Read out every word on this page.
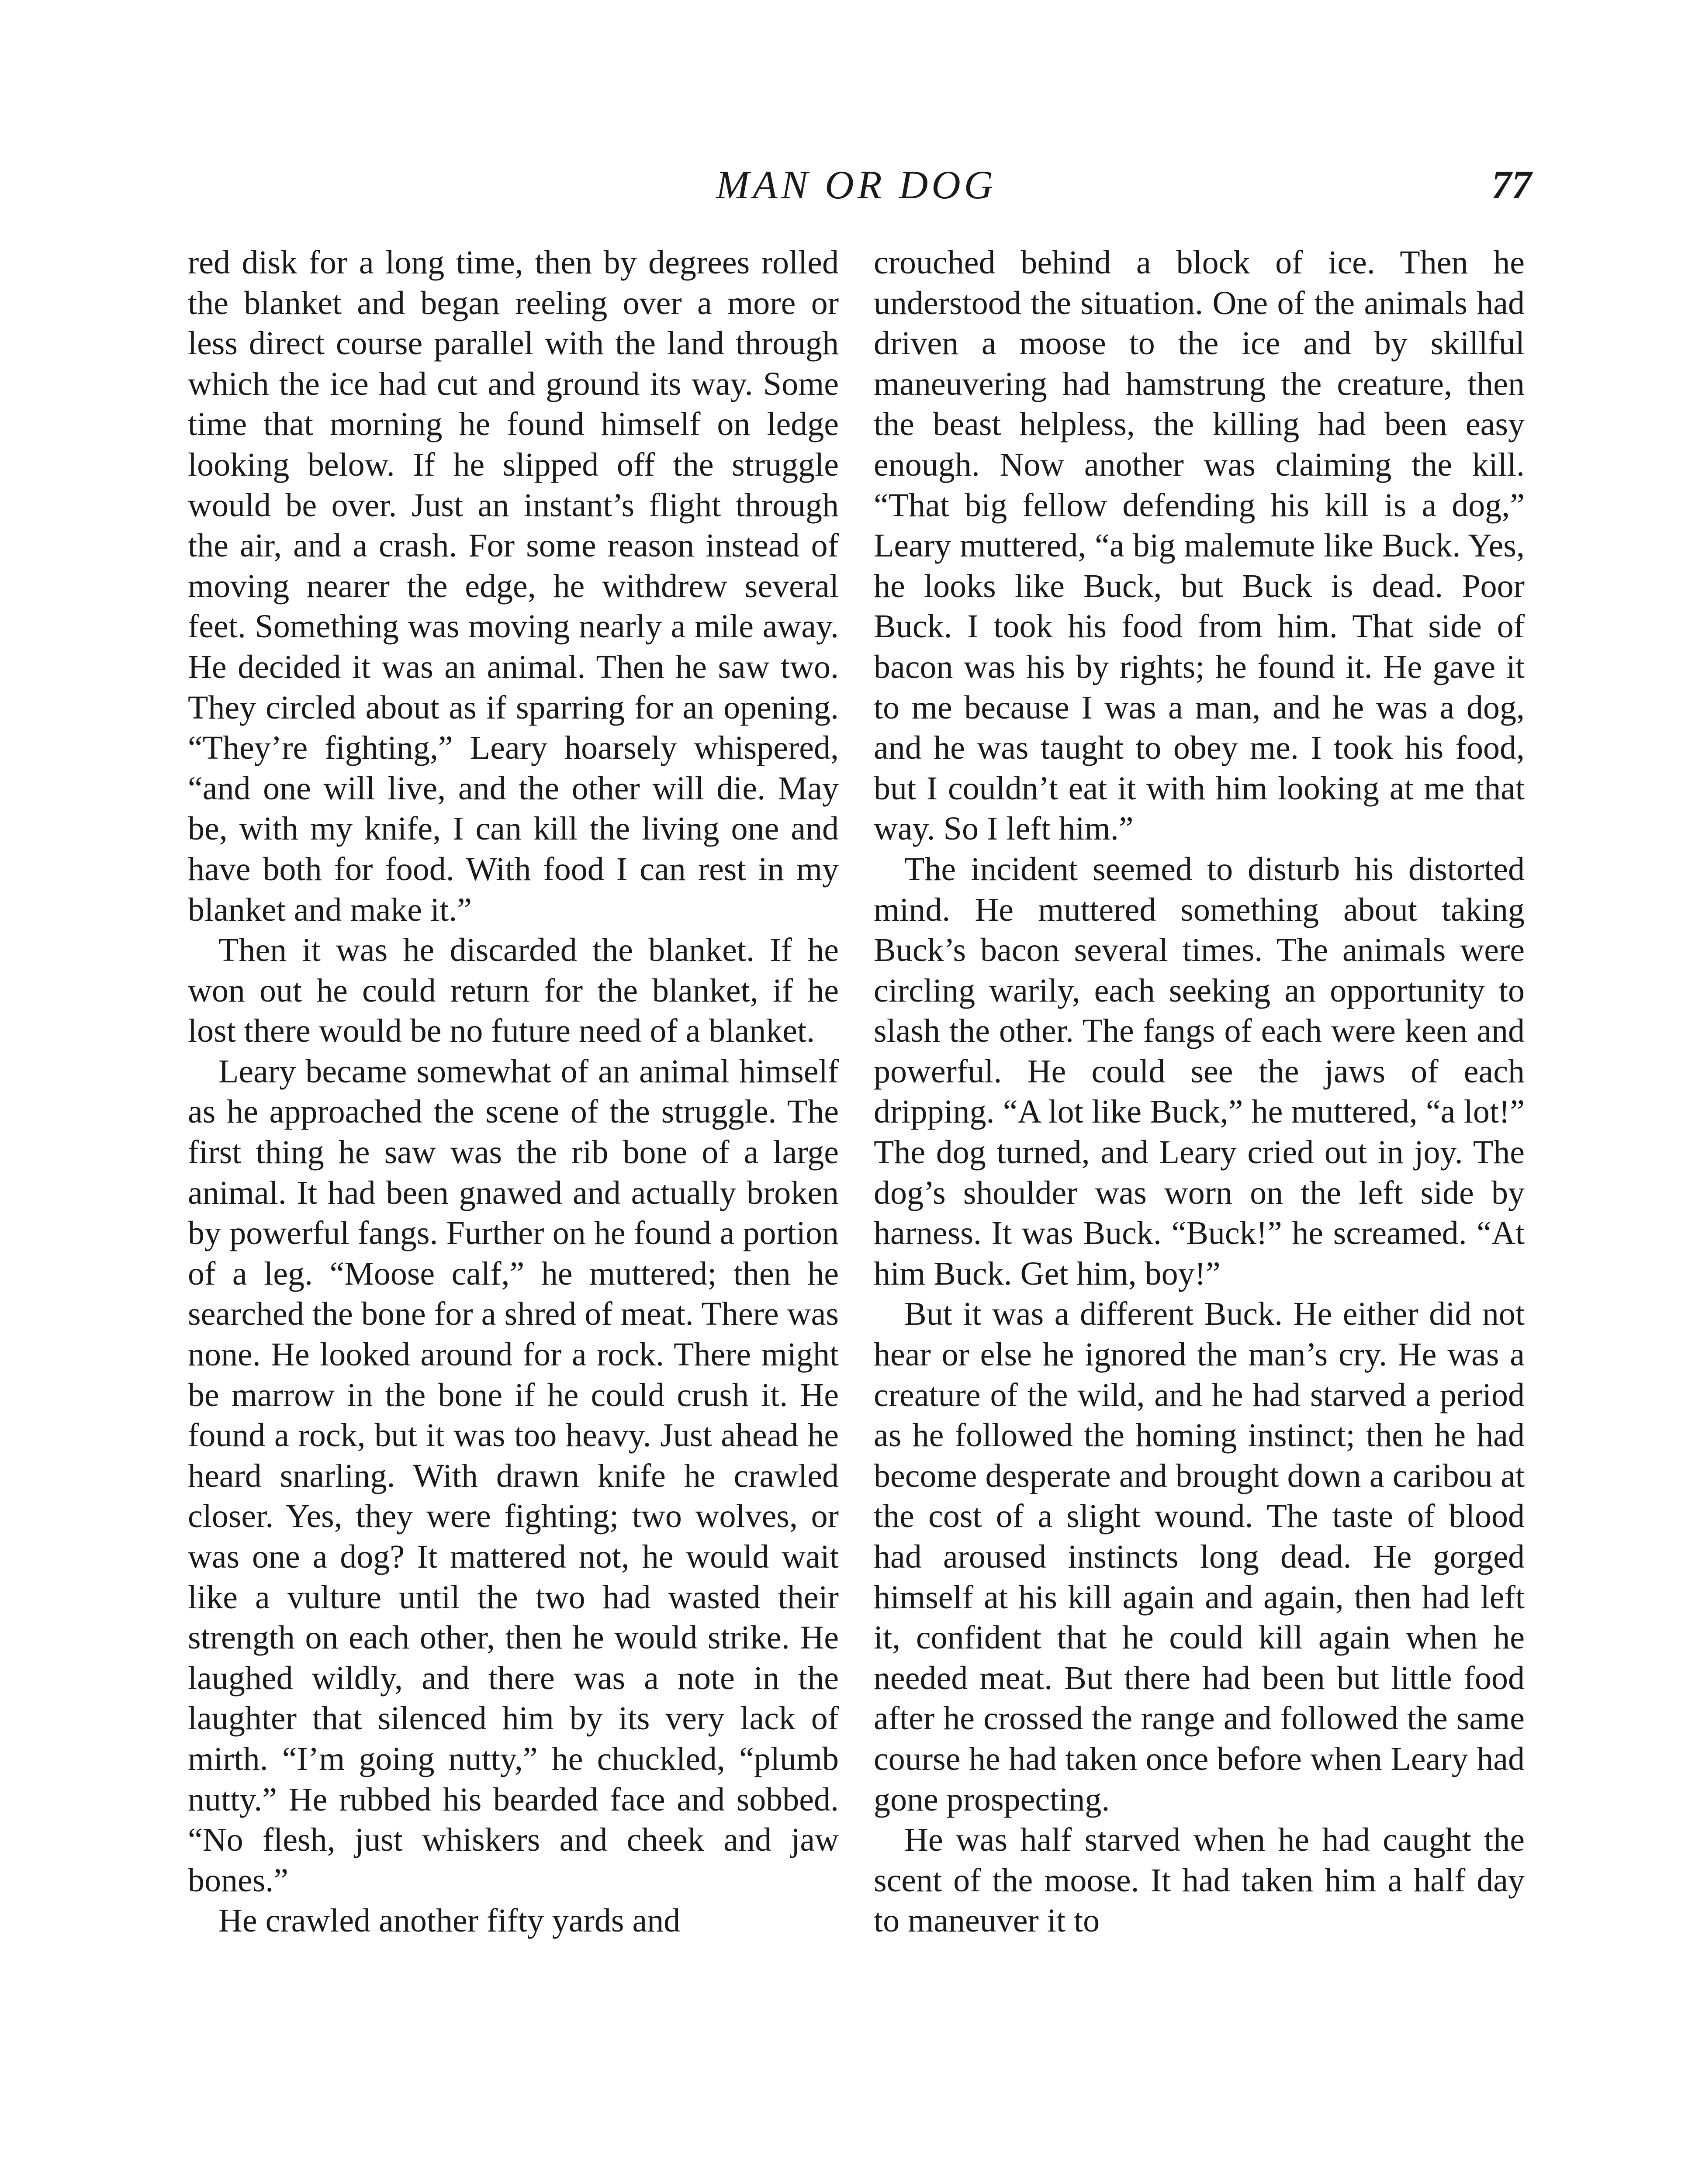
MAN OR DOG	77

red disk for a long time, then by degrees rolled the blanket and began reeling over a more or less direct course parallel with the land through which the ice had cut and ground its way. Some time that morning he found himself on ledge looking below. If he slipped off the struggle would be over. Just an instant’s flight through the air, and a crash. For some reason instead of moving nearer the edge, he withdrew several feet. Something was moving nearly a mile away. He decided it was an animal. Then he saw two. They circled about as if sparring for an opening. “They’re fighting,” Leary hoarsely whispered, “and one will live, and the other will die. May be, with my knife, I can kill the living one and have both for food. With food I can rest in my blanket and make it.”

Then it was he discarded the blanket. If he won out he could return for the blanket, if he lost there would be no future need of a blanket.

Leary became somewhat of an animal himself as he approached the scene of the struggle. The first thing he saw was the rib bone of a large animal. It had been gnawed and actually broken by powerful fangs. Further on he found a portion of a leg. “Moose calf,” he muttered; then he searched the bone for a shred of meat. There was none. He looked around for a rock. There might be marrow in the bone if he could crush it. He found a rock, but it was too heavy. Just ahead he heard snarling. With drawn knife he crawled closer. Yes, they were fighting; two wolves, or was one a dog? It mattered not, he would wait like a vulture until the two had wasted their strength on each other, then he would strike. He laughed wildly, and there was a note in the laughter that silenced him by its very lack of mirth. “I’m going nutty,” he chuckled, “plumb nutty.” He rubbed his bearded face and sobbed. “No flesh, just whiskers and cheek and jaw bones.”

He crawled another fifty yards and

crouched behind a block of ice. Then he understood the situation. One of the animals had driven a moose to the ice and by skillful maneuvering had hamstrung the creature, then the beast helpless, the killing had been easy enough. Now another was claiming the kill. “That big fellow defending his kill is a dog,” Leary muttered, “a big malemute like Buck. Yes, he looks like Buck, but Buck is dead. Poor Buck. I took his food from him. That side of bacon was his by rights; he found it. He gave it to me because I was a man, and he was a dog, and he was taught to obey me. I took his food, but I couldn’t eat it with him looking at me that way. So I left him.”

The incident seemed to disturb his distorted mind. He muttered something about taking Buck’s bacon several times. The animals were circling warily, each seeking an opportunity to slash the other. The fangs of each were keen and powerful. He could see the jaws of each dripping. “A lot like Buck,” he muttered, “a lot!” The dog turned, and Leary cried out in joy. The dog’s shoulder was worn on the left side by harness. It was Buck. “Buck!” he screamed. “At him Buck. Get him, boy!”

But it was a different Buck. He either did not hear or else he ignored the man’s cry. He was a creature of the wild, and he had starved a period as he followed the homing instinct; then he had become desperate and brought down a caribou at the cost of a slight wound. The taste of blood had aroused instincts long dead. He gorged himself at his kill again and again, then had left it, confident that he could kill again when he needed meat. But there had been but little food after he crossed the range and followed the same course he had taken once before when Leary had gone prospecting.

He was half starved when he had caught the scent of the moose. It had taken him a half day to maneuver it to
